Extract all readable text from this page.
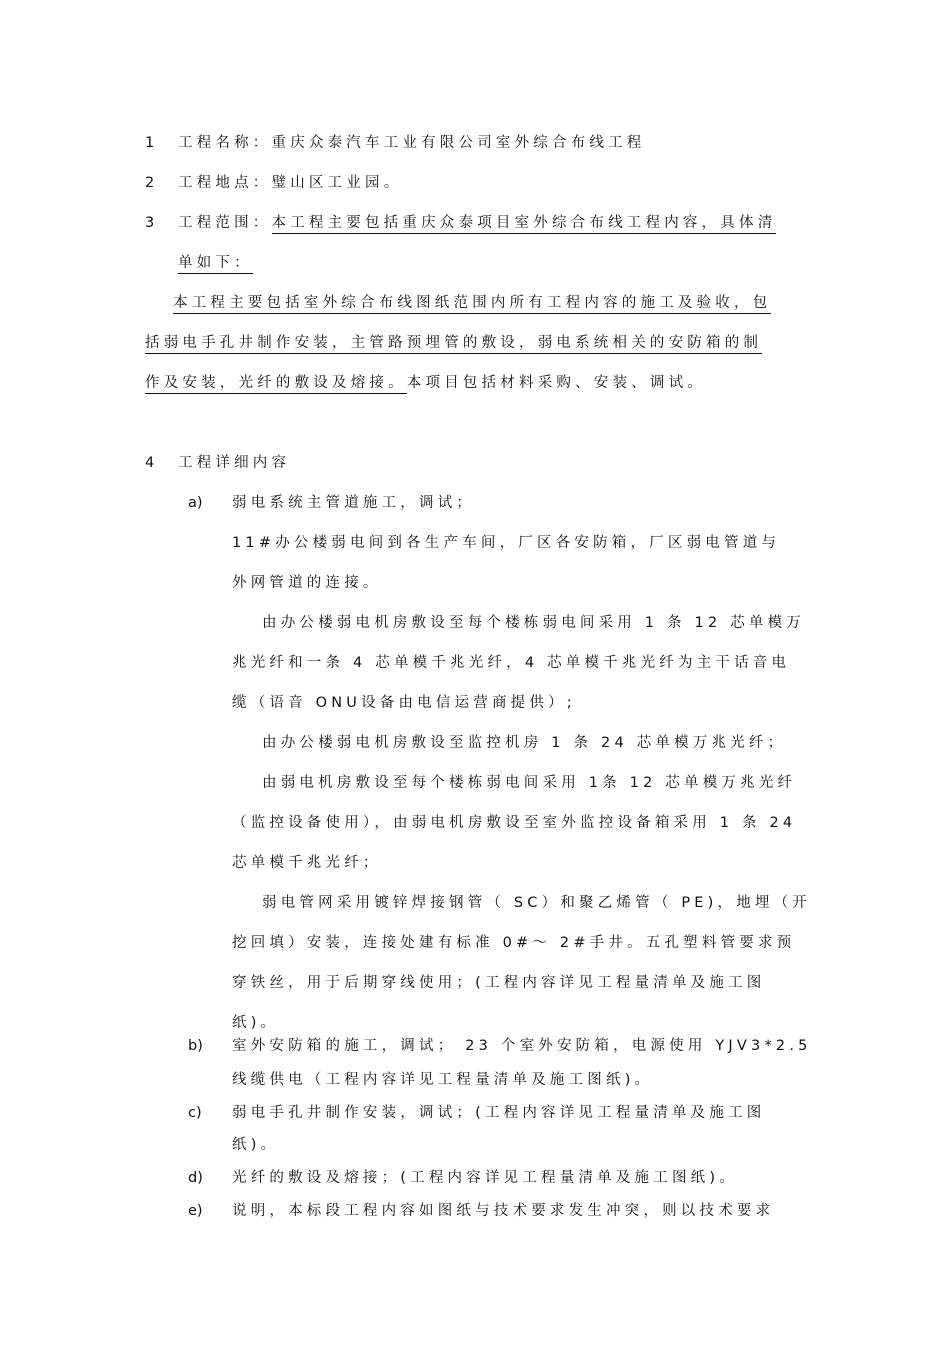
1 工程名称：重庆众泰汽车工业有限公司室外综合布线工程
2 工程地点：璧山区工业园。
3 工程范围：本工程主要包括重庆众泰项目室外综合布线工程内容，具体清
单如下：
本工程主要包括室外综合布线图纸范围内所有工程内容的施工及验收，包
括弱电手孔井制作安装，主管路预埋管的敷设，弱电系统相关的安防箱的制
作及安装，光纤的敷设及熔接。本项目包括材料采购、安装、调试。
4 工程详细内容
a) 弱电系统主管道施工，调试；
11#办公楼弱电间到各生产车间，厂区各安防箱，厂区弱电管道与
外网管道的连接。
由办公楼弱电机房敷设至每个楼栋弱电间采用 1 条 12 芯单模万
兆光纤和一条 4 芯单模千兆光纤，4 芯单模千兆光纤为主干话音电
缆（语音 ONU设备由电信运营商提供）;
由办公楼弱电机房敷设至监控机房 1 条 24 芯单模万兆光纤；
由弱电机房敷设至每个楼栋弱电间采用 1条 12 芯单模万兆光纤
（监控设备使用），由弱电机房敷设至室外监控设备箱采用 1 条 24
芯单模千兆光纤；
弱电管网采用镀锌焊接钢管（ SC）和聚乙烯管（ PE)，地埋（开
挖回填）安装，连接处建有标准 0#～ 2#手井。五孔塑料管要求预
穿铁丝，用于后期穿线使用；(工程内容详见工程量清单及施工图
纸)。
b) 室外安防箱的施工，调试； 23 个室外安防箱，电源使用 YJV3*2.5
线缆供电（工程内容详见工程量清单及施工图纸)。
c) 弱电手孔井制作安装，调试；(工程内容详见工程量清单及施工图
纸)。
d) 光纤的敷设及熔接；(工程内容详见工程量清单及施工图纸)。
e) 说明，本标段工程内容如图纸与技术要求发生冲突，则以技术要求
